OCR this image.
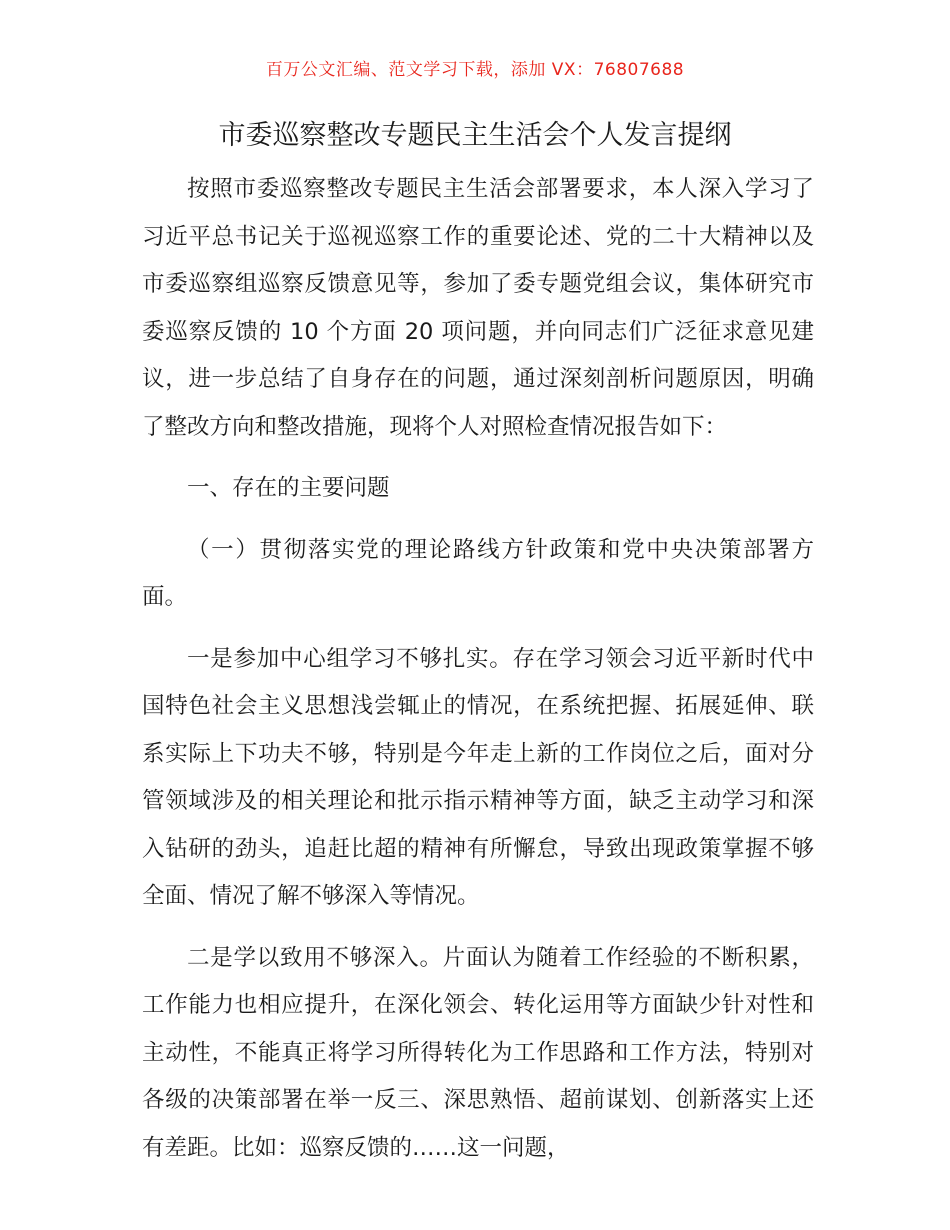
百万公文汇编、范文学习下载，添加 VX：76807688
市委巡察整改专题民主生活会个人发言提纲

按照市委巡察整改专题民主生活会部署要求，本人深入学习了习近平总书记关于巡视巡察工作的重要论述、党的二十大精神以及市委巡察组巡察反馈意见等，参加了委专题党组会议，集体研究市委巡察反馈的 10 个方面 20 项问题，并向同志们广泛征求意见建议，进一步总结了自身存在的问题，通过深刻剖析问题原因，明确了整改方向和整改措施，现将个人对照检查情况报告如下：

一、存在的主要问题

（一）贯彻落实党的理论路线方针政策和党中央决策部署方面。

一是参加中心组学习不够扎实。存在学习领会习近平新时代中国特色社会主义思想浅尝辄止的情况，在系统把握、拓展延伸、联系实际上下功夫不够，特别是今年走上新的工作岗位之后，面对分管领域涉及的相关理论和批示指示精神等方面，缺乏主动学习和深入钻研的劲头，追赶比超的精神有所懈怠，导致出现政策掌握不够全面、情况了解不够深入等情况。

二是学以致用不够深入。片面认为随着工作经验的不断积累，工作能力也相应提升，在深化领会、转化运用等方面缺少针对性和主动性，不能真正将学习所得转化为工作思路和工作方法，特别对各级的决策部署在举一反三、深思熟悟、超前谋划、创新落实上还有差距。比如：巡察反馈的……这一问题，
